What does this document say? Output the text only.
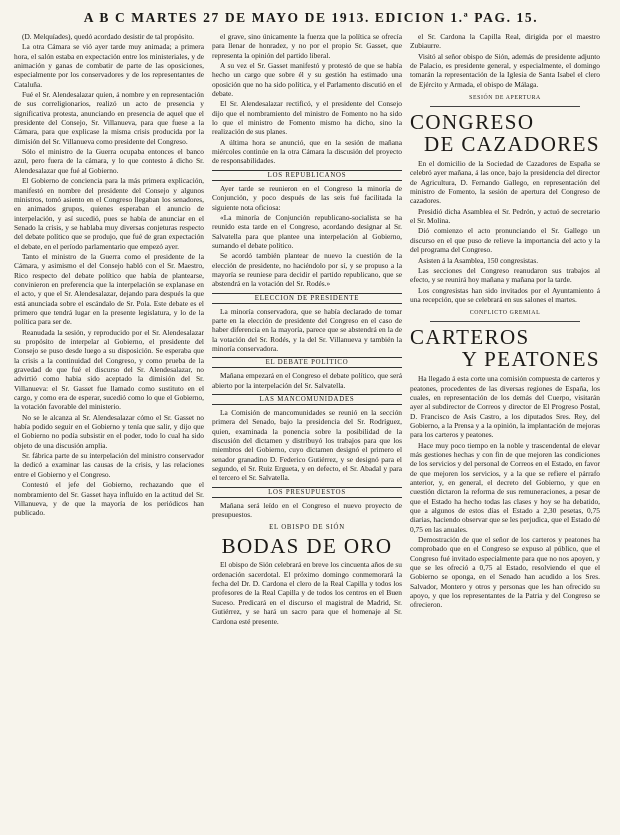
A B C MARTES 27 DE MAYO DE 1913. EDICION 1.ª PAG. 15.

(D. Melquíades), quedó acordado desistir de tal propósito.

La otra Cámara se vió ayer tarde muy animada; a primera hora, el salón estaba en expectación entre los ministeriales, y de animación y ganas de combatir de parte de las oposiciones, especialmente por los conservadores y de los representantes de Cataluña.

Fué el Sr. Alendesalazar quien, á nombre y en representación de sus correligionarios, realizó un acto de presencia y significativa protesta, anunciando en presencia de aquel que el presidente del Consejo, Sr. Villanueva, para que fuese a la Cámara, para que explicase la misma crisis producida por la dimisión del Sr. Villanueva como presidente del Congreso.

Sólo el ministro de la Guerra ocupaba entonces el banco azul, pero fuera de la cámara, y lo que contesto á dicho Sr. Alendesalazar que fué al Gobierno.

El Gobierno de conciencia para la más primera explicación, manifestó en nombre del presidente del Consejo y algunos ministros, tomó asiento en el Congreso llegaban los senadores, en animados grupos, quienes esperaban el anuncio de interpelación, y así sucedió, pues se había de anunciar en el Senado la crisis, y se hablaba muy diversas conjeturas respecto del debate político que se produjo, que fué de gran expectación el debate, en el período parlamentario que empezó ayer.

Tanto el ministro de la Guerra como el presidente de la Cámara, y asimismo el del Consejo habló con el Sr. Maestro, Rico respecto del debate político que había de plantearse, convinieron en preferencia que la interpelación se explanase en el acto, y que el Sr. Alendesalazar, dejando para después la que está anunciada sobre el escándalo de Sr. Pola. Este debate es el primero que tendrá lugar en la presente legislatura, y lo de la política para ser de.

Reanudada la sesión, y reproducido por el Sr. Alendesalazar su propósito de interpelar al Gobierno, el presidente del Consejo se puso desde luego a su disposición. Se esperaba que la crisis a la continuidad del Congreso, y como prueba de la gravedad de que fué el discurso del Sr. Alendesalazar, no advirtió como habia sido aceptado la dimisión del Sr. Villanueva: el Sr. Gasset fue llamado como sustituto en el cargo, y como era de esperar, sucedió como lo que el Gobierno, la votación favorable del ministerio.

No se le alcanza al Sr. Alendesalazar cómo el Sr. Gasset no había podido seguir en el Gobierno y tenía que salir, y dijo que el Gobierno no podía subsistir en el poder, todo lo cual ha sido objeto de una discusión amplia.

Sr. fábrica parte de su interpelación del ministro conservador la dedicó a examinar las causas de la crisis, y las relaciones entre el Gobierno y el Congreso.

Contestó el jefe del Gobierno, rechazando que el nombramiento del Sr. Gasset haya influído en la actitud del Sr. Villanueva, y de que la mayoría de los periódicos han publicado.

el grave, sino únicamente la fuerza que la política se ofrecía para llenar de honradez, y no por el propio Sr. Gasset, que representa la opinión del partido liberal.

A su vez el Sr. Gasset manifestó y protestó de que se había hecho un cargo que sobre él y su gestión ha estimado una oposición que no ha sido política, y el Parlamento discutió en el debate.

El Sr. Alendesalazar rectificó, y el presidente del Consejo dijo que el nombramiento del ministro de Fomento no ha sido lo que el ministro de Fomento mismo ha dicho, sino la realización de sus planes.

A última hora se anunció, que en la sesión de mañana miércoles continúe en la otra Cámara la discusión del proyecto de responsabilidades.

LOS REPUBLICANOS

Ayer tarde se reunieron en el Congreso la minoría de Conjunción, y poco después de las seis fué facilitada la siguiente nota oficiosa:

«La minoría de Conjunción republicano-socialista se ha reunido esta tarde en el Congreso, acordando designar al Sr. Salvatella para que plantee una interpelación al Gobierno, sumando el debate político.

Se acordó también plantear de nuevo la cuestión de la elección de presidente, no haciéndolo por sí, y se propuso a la mayoría se reuniese para decidir el partido republicano, que se abstendrá en la votación del Sr. Rodés.»

ELECCION DE PRESIDENTE

La minoría conservadora, que se había declarado de tomar parte en la elección de presidente del Congreso en el caso de haber diferencia en la mayoría, parece que se abstendrá en la de la votación del Sr. Rodés, y la del Sr. Villanueva y también la minoría conservadora.

EL DEBATE POLÍTICO

Mañana empezará en el Congreso el debate político, que será abierto por la interpelación del Sr. Salvatella.

LAS MANCOMUNIDADES

La Comisión de mancomunidades se reunió en la sección primera del Senado, bajo la presidencia del Sr. Rodríguez, quien, examinada la ponencia sobre la posibilidad de la discusión del dictamen y distribuyó los trabajos para que los miembros del Gobierno, cuyo dictamen designó el primero el senador granadino D. Federico Gutiérrez, y se designó para el segundo, el Sr. Ruiz Ergueta, y en defecto, el Sr. Abadal y para el tercero el Sr. Salvatella.

LOS PRESUPUESTOS

Mañana será leído en el Congreso el nuevo proyecto de presupuestos.

EL OBISPO DE SIÓN
BODAS DE ORO

El obispo de Sión celebrará en breve los cincuenta años de su ordenación sacerdotal. El próximo domingo conmemorará la fecha del Dr. D. Cardona el clero de la Real Capilla y todos los profesores de la Real Capilla y de todos los centros en el Buen Suceso. Predicará en el discurso el magistral de Madrid, Sr. Gutiérrez, y se hará un sacro para que el homenaje al Sr. Cardona esté presente.

el Sr. Cardona la Capilla Real, dirigida por el maestro Zubiaurre.

Visitó al señor obispo de Sión, además de presidente adjunto de Palacio, es presidente general, y especialmente, el domingo tomarán la representación de la Iglesia de Santa Isabel el clero de Ejército y Armada, el obispo de Málaga.

SESIÓN DE APERTURA
CONGRESO
DE CAZADORES

En el domicilio de la Sociedad de Cazadores de España se celebró ayer mañana, á las once, bajo la presidencia del director de Agricultura, D. Fernando Gallego, en representación del ministro de Fomento, la sesión de apertura del Congreso de cazadores.

Presidió dicha Asamblea el Sr. Pedrón, y actuó de secretario el Sr. Molina.

Dió comienzo el acto pronunciando el Sr. Gallego un discurso en el que puso de relieve la importancia del acto y la del programa del Congreso.

Asisten á la Asamblea, 150 congresistas.

Las secciones del Congreso reanudaron sus trabajos al efecto, y se reunirá hoy mañana y mañana por la tarde.

Los congresistas han sido invitados por el Ayuntamiento á una recepción, que se celebrará en sus salones el martes.

CONFLICTO GREMIAL
CARTEROS
Y PEATONES

Ha llegado á esta corte una comisión compuesta de carteros y peatones, procedentes de las diversas regiones de España, los cuales, en representación de los demás del Cuerpo, visitarán ayer al subdirector de Correos y director de El Progreso Postal, D. Francisco de Asís Castro, a los diputados Sres. Rey, del Gobierno, a la Prensa y a la opinión, la implantación de mejoras para los carteros y peatones.

Hace muy poco tiempo en la noble y trascendental de elevar más gestiones hechas y con fin de que mejoren las condiciones de los servicios y del personal de Correos en el Estado, en favor de que mejoren los servicios, y a la que se refiere el párrafo anterior, y, en general, el decreto del Gobierno, y que en cuestión dictaron la reforma de sus remuneraciones, a pesar de que el Estado ha hecho todas las clases y hoy se ha debatido, que a algunos de estos días el Estado a 2,30 pesetas, 0,75 diarias, haciendo observar que se les perjudica, que el Estado dé 0,75 en las anuales.

Demostración de que el señor de los carteros y peatones ha comprobado que en el Congreso se expuso al público, que el Congreso fué invitado especialmente para que no nos apoyen, y que se les ofreció a 0,75 al Estado, resolviendo el que el Gobierno se oponga, en el Senado han acudido a los Sres. Salvador, Montero y otros y personas que les han ofrecido su apoyo, y que los representantes de la Patria y del Congreso se ofrecieron.
